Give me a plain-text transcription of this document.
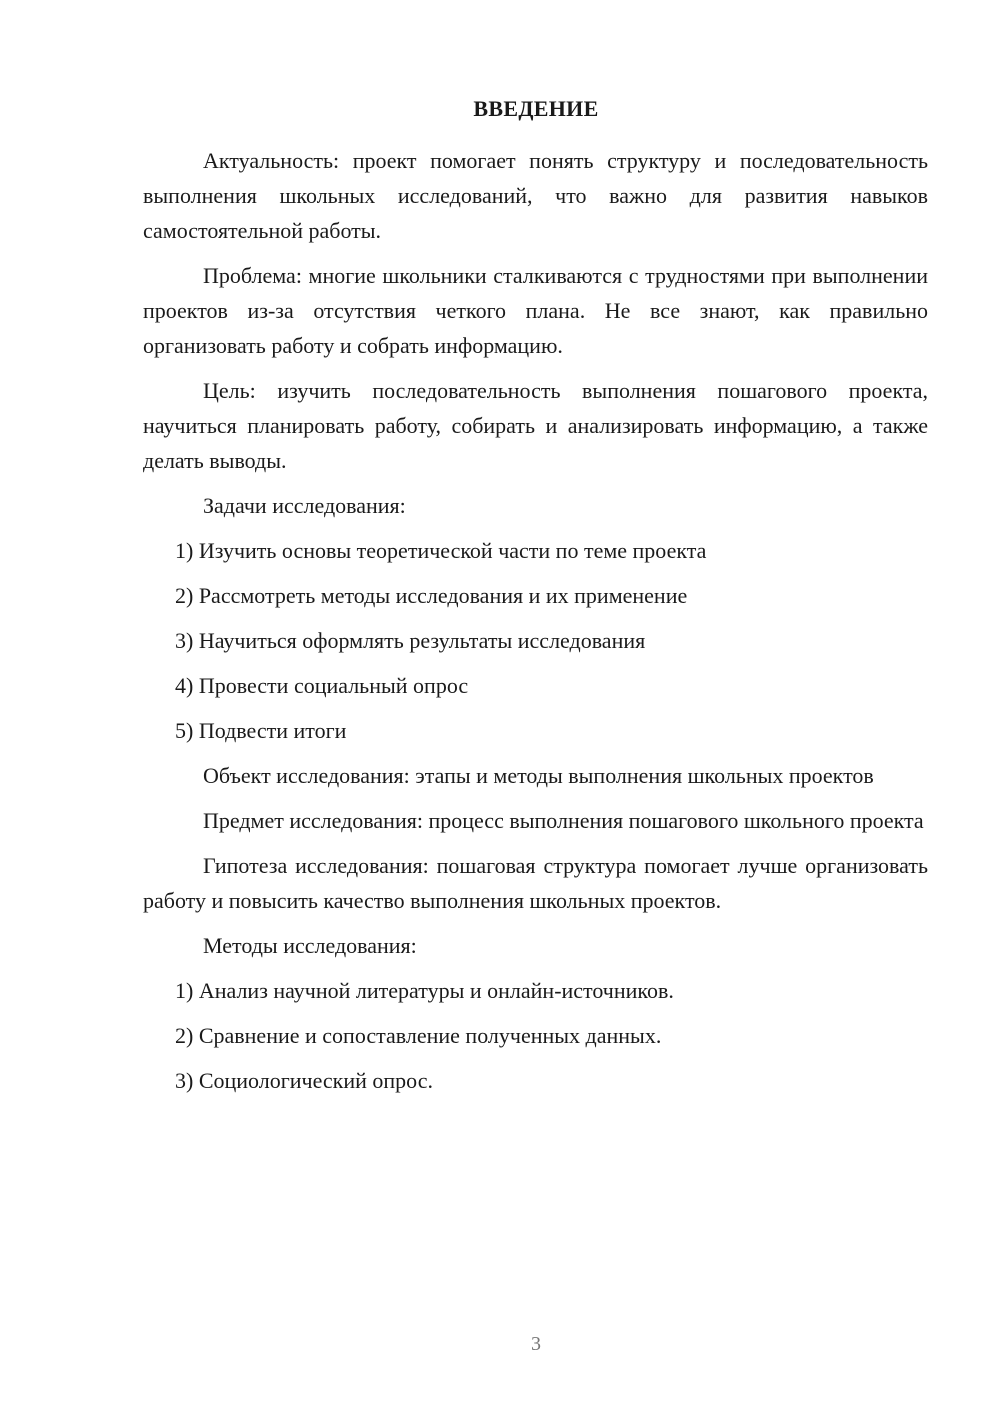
ВВЕДЕНИЕ

Актуальность: проект помогает понять структуру и последовательность выполнения школьных исследований, что важно для развития навыков самостоятельной работы.

Проблема: многие школьники сталкиваются с трудностями при выполнении проектов из-за отсутствия четкого плана. Не все знают, как правильно организовать работу и собрать информацию.

Цель: изучить последовательность выполнения пошагового проекта, научиться планировать работу, собирать и анализировать информацию, а также делать выводы.

Задачи исследования:

1) Изучить основы теоретической части по теме проекта
2) Рассмотреть методы исследования и их применение
3) Научиться оформлять результаты исследования
4) Провести социальный опрос
5) Подвести итоги

Объект исследования: этапы и методы выполнения школьных проектов

Предмет исследования: процесс выполнения пошагового школьного проекта

Гипотеза исследования: пошаговая структура помогает лучше организовать работу и повысить качество выполнения школьных проектов.

Методы исследования:

1) Анализ научной литературы и онлайн-источников.
2) Сравнение и сопоставление полученных данных.
3) Социологический опрос.
3
